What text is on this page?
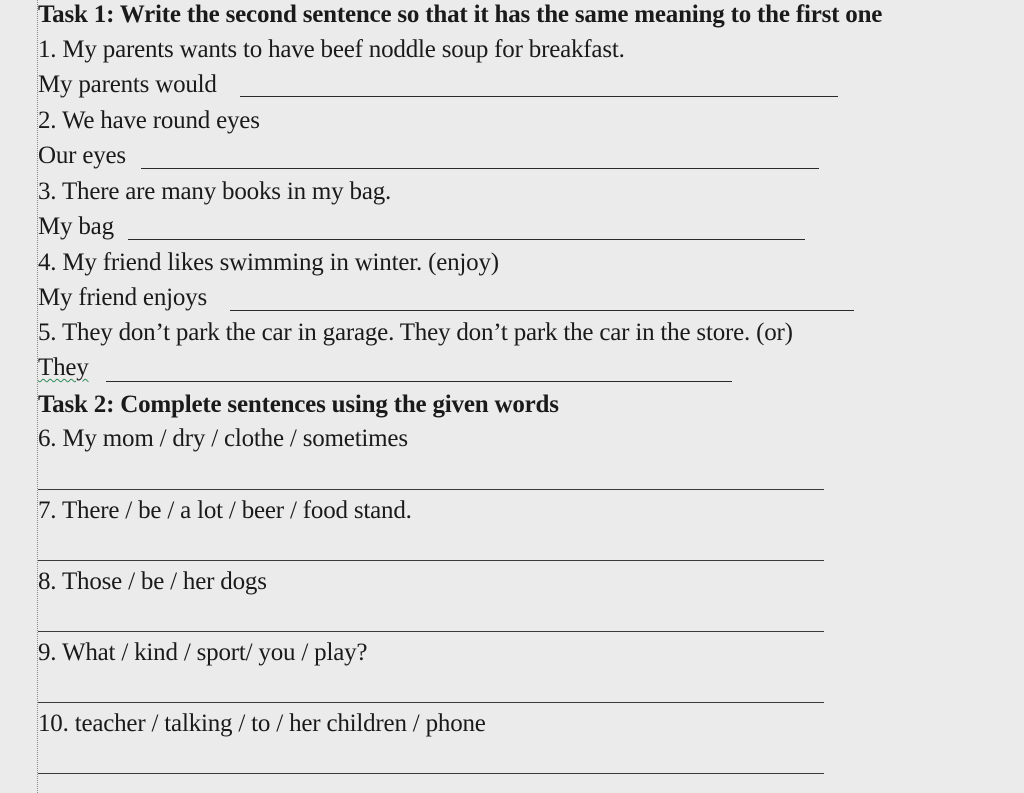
Task 1: Write the second sentence so that it has the same meaning to the first one
1. My parents wants to have beef noddle soup for breakfast.
My parents would
2. We have round eyes
Our eyes
3. There are many books in my bag.
My bag
4. My friend likes swimming in winter. (enjoy)
My friend enjoys
5. They don’t park the car in garage. They don’t park the car in the store. (or)
They
Task 2: Complete sentences using the given words
6. My mom / dry / clothe / sometimes
7. There / be / a lot / beer / food stand.
8. Those / be / her dogs
9. What / kind / sport/ you / play?
10. teacher / talking / to / her children / phone
